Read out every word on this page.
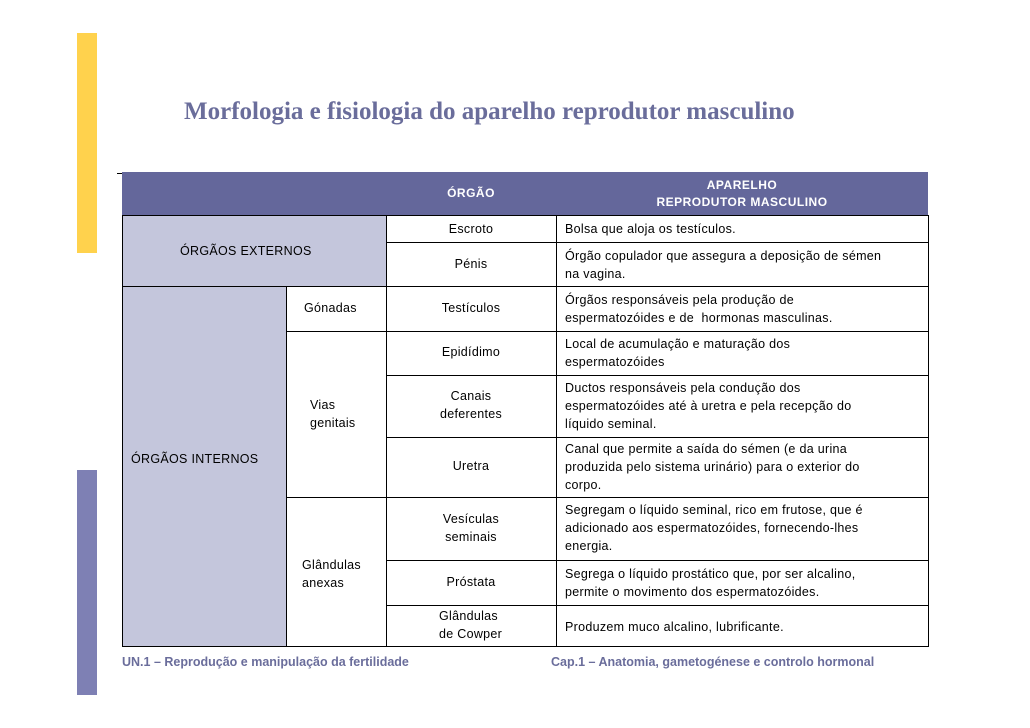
Morfologia e fisiologia do aparelho reprodutor masculino
ÓRGÃO
APARELHO
REPRODUTOR MASCULINO
ÓRGÃOS EXTERNOS
ÓRGÃOS INTERNOS
Gónadas
Vias
genitais
Glândulas
anexas
Escroto
Pénis
Testículos
Epidídimo
Canais
deferentes
Uretra
Vesículas
seminais
Próstata
Glândulas
de Cowper
Bolsa que aloja os testículos.
Órgão copulador que assegura a deposição de sémen
na vagina.
Órgãos responsáveis pela produção de
espermatozóides e de  hormonas masculinas.
Local de acumulação e maturação dos
espermatozóides
Ductos responsáveis pela condução dos
espermatozóides até à uretra e pela recepção do
líquido seminal.
Canal que permite a saída do sémen (e da urina
produzida pelo sistema urinário) para o exterior do
corpo.
Segregam o líquido seminal, rico em frutose, que é
adicionado aos espermatozóides, fornecendo-lhes
energia.
Segrega o líquido prostático que, por ser alcalino,
permite o movimento dos espermatozóides.
Produzem muco alcalino, lubrificante.
UN.1 – Reprodução e manipulação da fertilidade	Cap.1 – Anatomia, gametogénese e controlo hormonal
